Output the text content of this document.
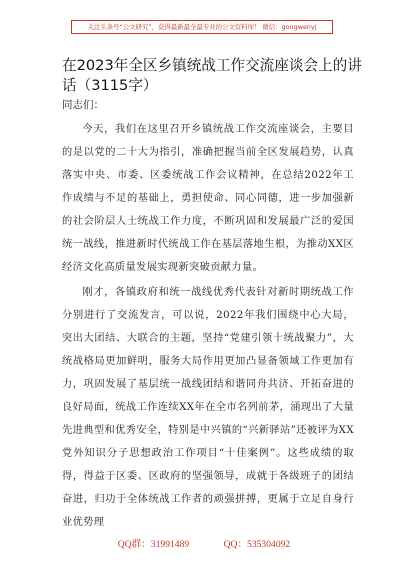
关注头条号“公文研究”，获得最新最全最专业的公文资料库！ 微信：gongwenyj
在2023年全区乡镇统战工作交流座谈会上的讲话（3115字）
同志们：

今天，我们在这里召开乡镇统战工作交流座谈会，主要目的是以党的二十大为指引，准确把握当前全区发展趋势，认真落实中央、市委、区委统战工作会议精神，在总结2022年工作成绩与不足的基础上，勇担使命、同心同德，进一步加强新的社会阶层人士统战工作力度，不断巩固和发展最广泛的爱国统一战线，推进新时代统战工作在基层落地生根，为推动XX区经济文化高质量发展实现新突破贡献力量。

刚才，各镇政府和统一战线优秀代表针对新时期统战工作分别进行了交流发言，可以说，2022年我们围绕中心大局，突出大团结、大联合的主题，坚持“党建引领十统战聚力”，大统战格局更加鲜明，服务大局作用更加凸显备领域工作更加有力，巩固发展了基层统一战线团结和谐同舟共济、开拓奋进的良好局面，统战工作连续XX年在全市名列前茅，涌现出了大量先进典型和优秀安全，特别是中兴镇的“兴新驿站”还被评为XX党外知识分子思想政治工作项目“十佳案例”。这些成绩的取得，得益于区委、区政府的坚强领导，成就于各级班子的团结奋进，归功于全体统战工作者的顽强拼搏，更属于立足自身行业优势理

QQ群：31991489	QQ：535304092
